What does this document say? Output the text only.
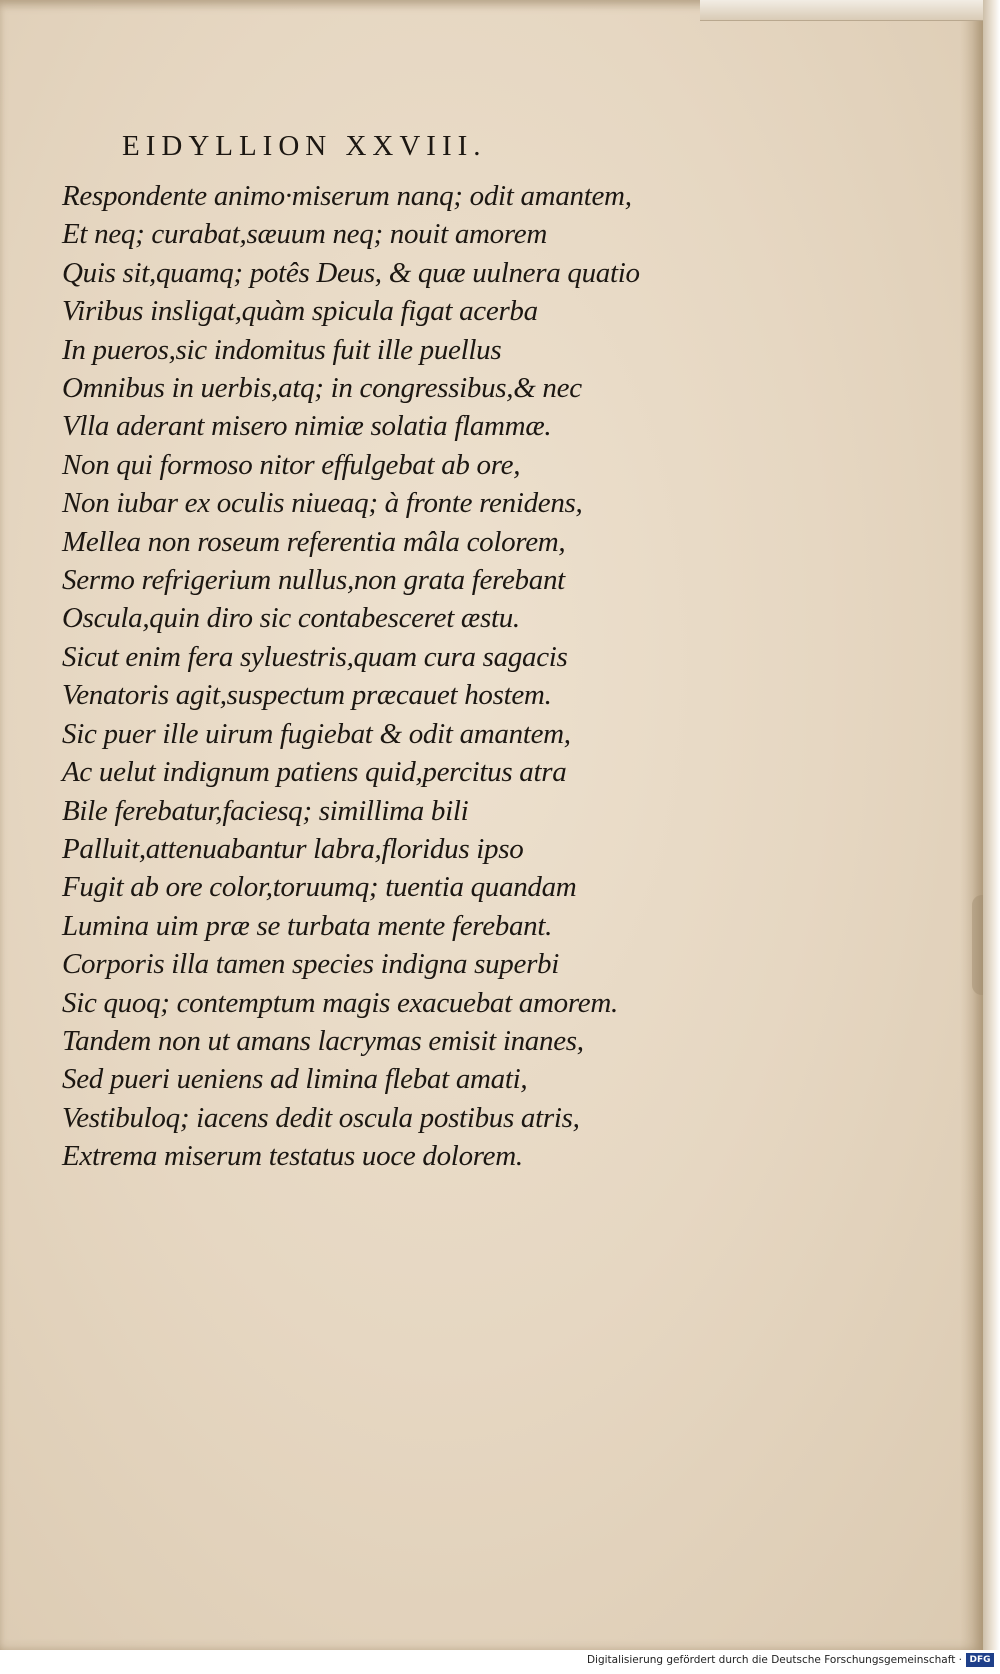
EIDYLLION XXVIII.
Respondente animo·miserum nanq; odit amantem,
Et neq; curabat,sæuum neq; nouit amorem
Quis sit,quamq; potês Deus, & quæ uulnera quatio
Viribus insligat,quàm spicula figat acerba
In pueros,sic indomitus fuit ille puellus
Omnibus in uerbis,atq; in congressibus,& nec
Vlla aderant misero nimiæ solatia flammæ.
Non qui formoso nitor effulgebat ab ore,
Non iubar ex oculis niueaq; à fronte renidens,
Mellea non roseum referentia mâla colorem,
Sermo refrigerium nullus,non grata ferebant
Oscula,quin diro sic contabesceret æstu.
Sicut enim fera syluestris,quam cura sagacis
Venatoris agit,suspectum præcauet hostem.
Sic puer ille uirum fugiebat & odit amantem,
Ac uelut indignum patiens quid,percitus atra
Bile ferebatur,faciesq; simillima bili
Palluit,attenuabantur labra,floridus ipso
Fugit ab ore color,toruumq; tuentia quandam
Lumina uim præ se turbata mente ferebant.
Corporis illa tamen species indigna superbi
Sic quoq; contemptum magis exacuebat amorem.
Tandem non ut amans lacrymas emisit inanes,
Sed pueri ueniens ad limina flebat amati,
Vestibuloq; iacens dedit oscula postibus atris,
Extrema miserum testatus uoce dolorem.
Digitalisierung gefördert durch die Deutsche Forschungsgemeinschaft · DFG
